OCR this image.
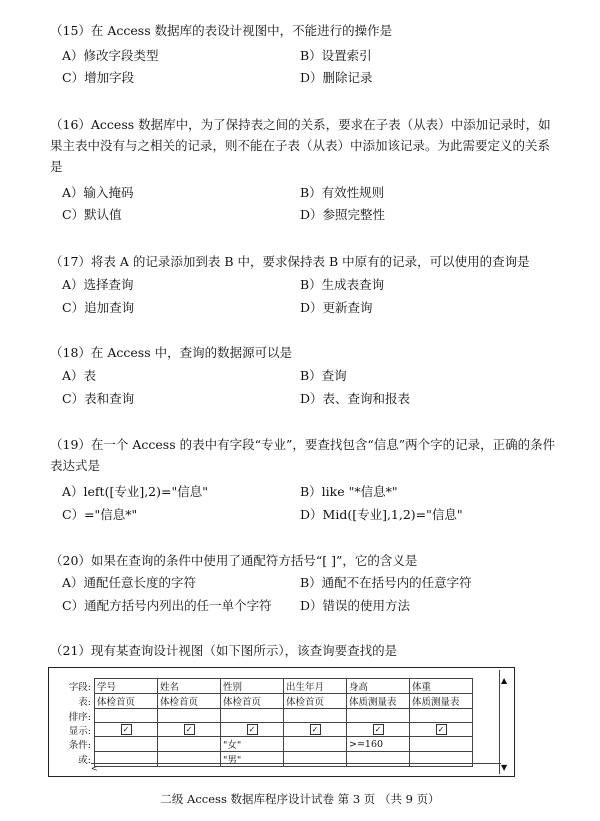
（15）在 Access 数据库的表设计视图中，不能进行的操作是
A）修改字段类型	B）设置索引
C）增加字段	D）删除记录
（16）Access 数据库中，为了保持表之间的关系，要求在子表（从表）中添加记录时，如果主表中没有与之相关的记录，则不能在子表（从表）中添加该记录。为此需要定义的关系是
A）输入掩码	B）有效性规则
C）默认值	D）参照完整性
（17）将表 A 的记录添加到表 B 中，要求保持表 B 中原有的记录，可以使用的查询是
A）选择查询	B）生成表查询
C）追加查询	D）更新查询
（18）在 Access 中，查询的数据源可以是
A）表	B）查询
C）表和查询	D）表、查询和报表
（19）在一个 Access 的表中有字段“专业”，要查找包含“信息”两个字的记录，正确的条件表达式是
A）left([专业],2)="信息"	B）like "*信息*"
C）="信息*"	D）Mid([专业],1,2)="信息"
（20）如果在查询的条件中使用了通配符方括号“[ ]”，它的含义是
A）通配任意长度的字符	B）通配不在括号内的任意字符
C）通配方括号内列出的任一单个字符 D）错误的使用方法
（21）现有某查询设计视图（如下图所示），该查询要查找的是
字段:	学号	姓名	性别	出生年月	身高	体重
表:	体检首页	体检首页	体检首页	体检首页	体质测量表	体质测量表
排序:						
显示:	✓	✓	✓	✓	✓	✓
条件:			"女"		>=160	
或:			"男"			
▲
▼
<
二级 Access 数据库程序设计试卷 第 3 页 （共 9 页）
